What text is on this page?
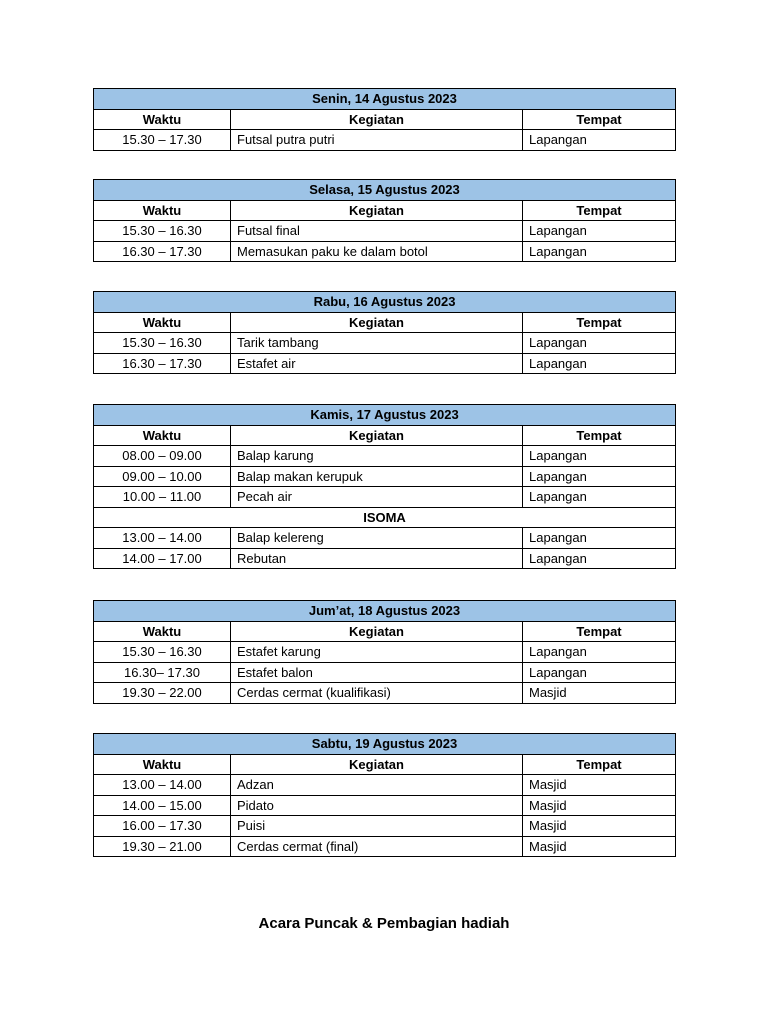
Senin, 14 Agustus 2023		
Waktu	Kegiatan	Tempat
15.30 – 17.30	Futsal putra putri	Lapangan
Selasa, 15 Agustus 2023		
Waktu	Kegiatan	Tempat
15.30 – 16.30	Futsal final	Lapangan
16.30 – 17.30	Memasukan paku ke dalam botol	Lapangan
Rabu, 16 Agustus 2023		
Waktu	Kegiatan	Tempat
15.30 – 16.30	Tarik tambang	Lapangan
16.30 – 17.30	Estafet air	Lapangan
Kamis, 17 Agustus 2023		
Waktu	Kegiatan	Tempat
08.00 – 09.00	Balap karung	Lapangan
09.00 – 10.00	Balap makan kerupuk	Lapangan
10.00 – 11.00	Pecah air	Lapangan
ISOMA		
13.00 – 14.00	Balap kelereng	Lapangan
14.00 – 17.00	Rebutan	Lapangan
Jum’at, 18 Agustus 2023		
Waktu	Kegiatan	Tempat
15.30 – 16.30	Estafet karung	Lapangan
16.30– 17.30	Estafet balon	Lapangan
19.30 – 22.00	Cerdas cermat (kualifikasi)	Masjid
Sabtu, 19 Agustus 2023		
Waktu	Kegiatan	Tempat
13.00 – 14.00	Adzan	Masjid
14.00 – 15.00	Pidato	Masjid
16.00 – 17.30	Puisi	Masjid
19.30 – 21.00	Cerdas cermat (final)	Masjid
Acara Puncak & Pembagian hadiah
